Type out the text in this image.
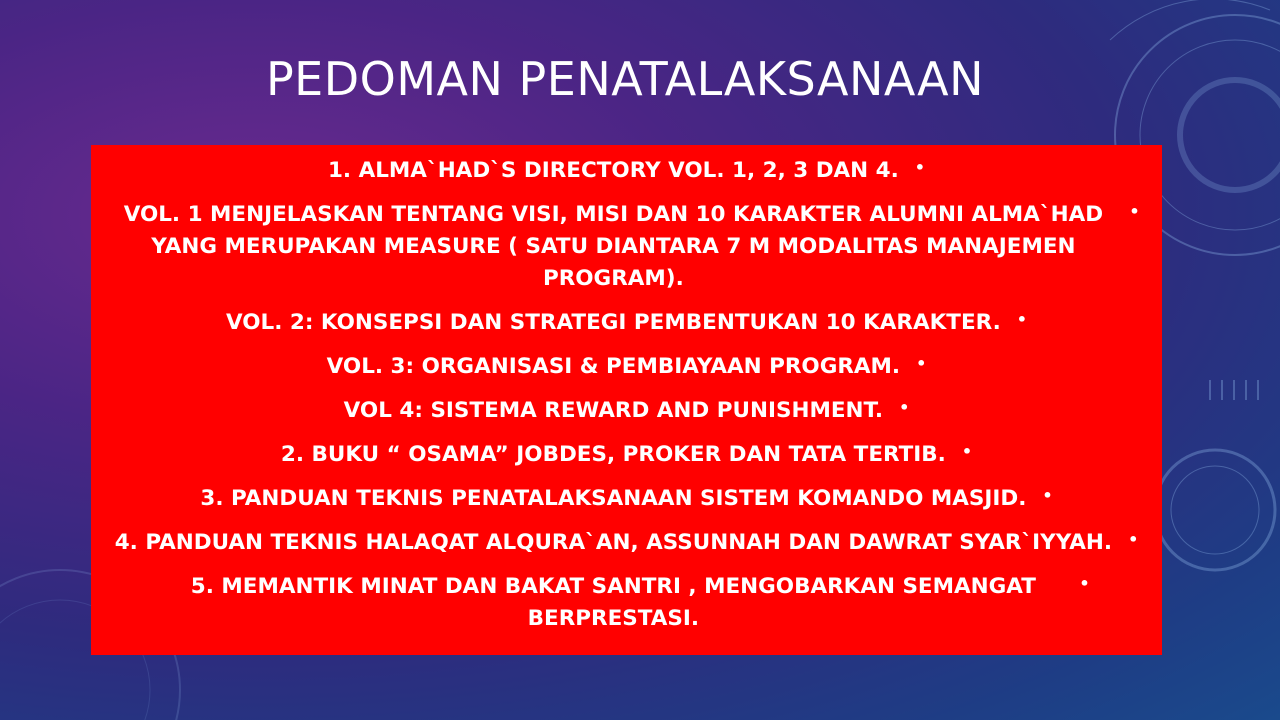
PEDOMAN PENATALAKSANAAN
1. ALMA`HAD`S DIRECTORY VOL. 1, 2, 3 DAN 4. •
VOL. 1 MENJELASKAN TENTANG VISI, MISI DAN 10 KARAKTER ALUMNI ALMA`HAD YANG MERUPAKAN MEASURE ( SATU DIANTARA 7 M MODALITAS MANAJEMEN PROGRAM).
•
VOL. 2: KONSEPSI DAN STRATEGI PEMBENTUKAN 10 KARAKTER. •
VOL. 3: ORGANISASI & PEMBIAYAAN PROGRAM. •
VOL 4: SISTEMA REWARD AND PUNISHMENT. •
2. BUKU “ OSAMA” JOBDES, PROKER DAN TATA TERTIB. •
3. PANDUAN TEKNIS PENATALAKSANAAN SISTEM KOMANDO MASJID. •
4. PANDUAN TEKNIS HALAQAT ALQURA`AN, ASSUNNAH DAN DAWRAT SYAR`IYYAH. •
5. MEMANTIK MINAT DAN BAKAT SANTRI , MENGOBARKAN SEMANGAT BERPRESTASI.
•
